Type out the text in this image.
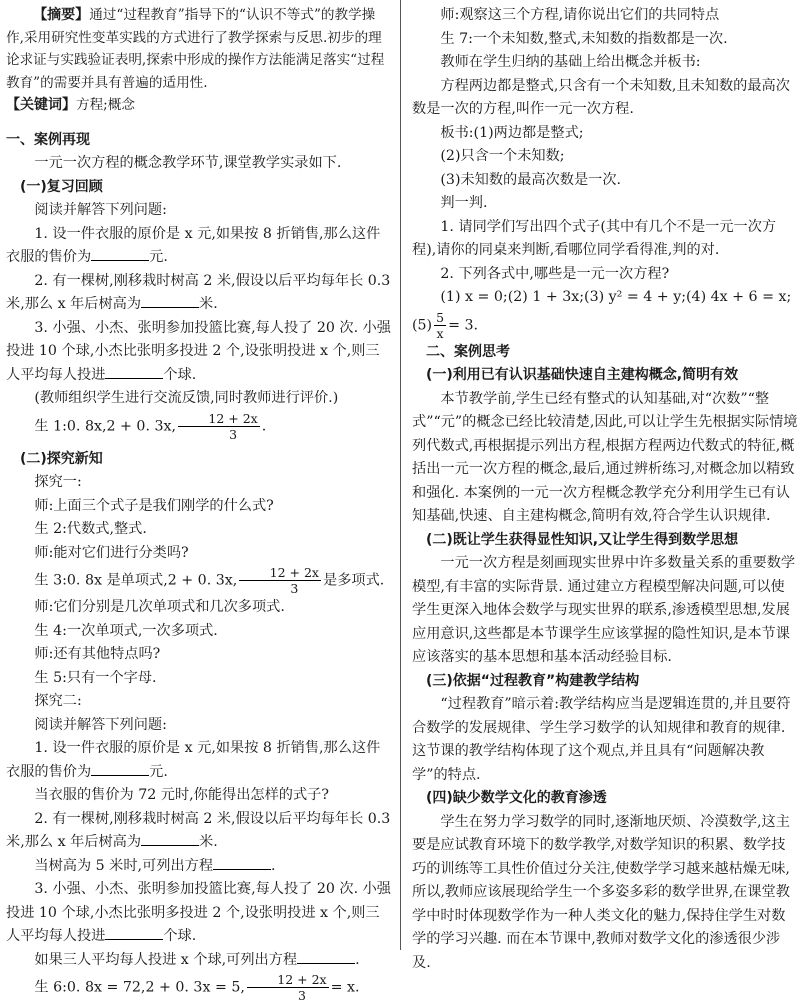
【摘要】通过“过程教育”指导下的“认识不等式”的教学操作,采用研究性变革实践的方式进行了教学探索与反思.初步的理论求证与实践验证表明,探索中形成的操作方法能满足落实“过程教育”的需要并具有普遍的适用性.
【关键词】方程;概念

一、案例再现

一元一次方程的概念教学环节,课堂教学实录如下.

(一)复习回顾

阅读并解答下列问题:

1. 设一件衣服的原价是 x 元,如果按 8 折销售,那么这件衣服的售价为	元.

2. 有一棵树,刚移栽时树高 2 米,假设以后平均每年长 0.3 米,那么 x 年后树高为	米.

3. 小强、小杰、张明参加投篮比赛,每人投了 20 次. 小强投进 10 个球,小杰比张明多投进 2 个,设张明投进 x 个,则三人平均每人投进	个球.

(教师组织学生进行交流反馈,同时教师进行评价.)

生 1:0. 8x,2 + 0. 3x, $\frac{12 + 2x}{3}$ .

(二)探究新知

探究一:

师:上面三个式子是我们刚学的什么式?

生 2:代数式,整式.

师:能对它们进行分类吗?

生 3:0. 8x 是单项式,2 + 0. 3x, $\frac{12 + 2x}{3}$ 是多项式.

师:它们分别是几次单项式和几次多项式.

生 4:一次单项式,一次多项式.

师:还有其他特点吗?

生 5:只有一个字母.

探究二:

阅读并解答下列问题:

1. 设一件衣服的原价是 x 元,如果按 8 折销售,那么这件衣服的售价为	元.

当衣服的售价为 72 元时,你能得出怎样的式子?

2. 有一棵树,刚移栽时树高 2 米,假设以后平均每年长 0.3 米,那么 x 年后树高为	米.

当树高为 5 米时,可列出方程	.

3. 小强、小杰、张明参加投篮比赛,每人投了 20 次. 小强投进 10 个球,小杰比张明多投进 2 个,设张明投进 x 个,则三人平均每人投进	个球.

如果三人平均每人投进 x 个球,可列出方程	.

生 6:0. 8x = 72,2 + 0. 3x = 5, $\frac{12 + 2x}{3} = x$.

师:观察这三个方程,请你说出它们的共同特点

生 7:一个未知数,整式,未知数的指数都是一次.

教师在学生归纳的基础上给出概念并板书:

方程两边都是整式,只含有一个未知数,且未知数的最高次数是一次的方程,叫作一元一次方程.

板书:(1)两边都是整式;

(2)只含一个未知数;

(3)未知数的最高次数是一次.

判一判.

1. 请同学们写出四个式子(其中有几个不是一元一次方程),请你的同桌来判断,看哪位同学看得准,判的对.

2. 下列各式中,哪些是一元一次方程?

(1) x = 0;(2) 1 + 3x;(3) y² = 4 + y;(4) 4x + 6 = x;

$(5) \frac{5}{x} = 3$.

二、案例思考

(一)利用已有认识基础快速自主建构概念,简明有效

本节教学前,学生已经有整式的认知基础,对“次数”“整式”“元”的概念已经比较清楚,因此,可以让学生先根据实际情境列代数式,再根据提示列出方程,根据方程两边代数式的特征,概括出一元一次方程的概念,最后,通过辨析练习,对概念加以精致和强化. 本案例的一元一次方程概念教学充分利用学生已有认知基础,快速、自主建构概念,简明有效,符合学生认识规律.

(二)既让学生获得显性知识,又让学生得到数学思想

一元一次方程是刻画现实世界中许多数量关系的重要数学模型,有丰富的实际背景. 通过建立方程模型解决问题,可以使学生更深入地体会数学与现实世界的联系,渗透模型思想,发展应用意识,这些都是本节课学生应该掌握的隐性知识,是本节课应该落实的基本思想和基本活动经验目标.

(三)依据“过程教育”构建教学结构

“过程教育”暗示着:教学结构应当是逻辑连贯的,并且要符合数学的发展规律、学生学习数学的认知规律和教育的规律. 这节课的教学结构体现了这个观点,并且具有“问题解决教学”的特点.

(四)缺少数学文化的教育渗透

学生在努力学习数学的同时,逐渐地厌烦、冷漠数学,这主要是应试教育环境下的数学教学,对数学知识的积累、数学技巧的训练等工具性价值过分关注,使数学学习越来越枯燥无味,所以,教师应该展现给学生一个多姿多彩的数学世界,在课堂教学中时时体现数学作为一种人类文化的魅力,保持住学生对数学的学习兴趣. 而在本节课中,教师对数学文化的渗透很少涉及.
